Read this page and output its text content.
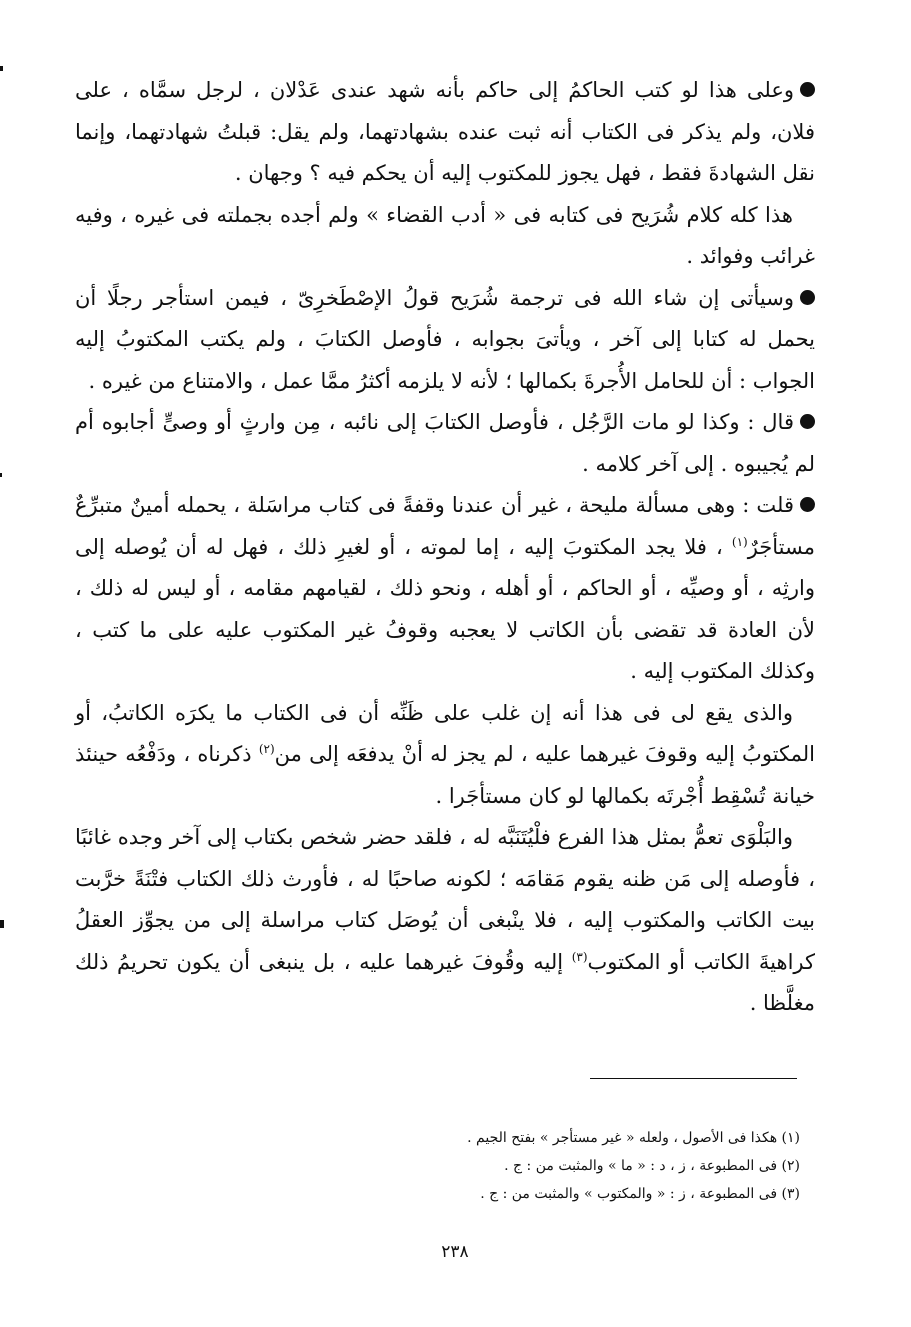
وعلى هذا لو كتب الحاكمُ إلى حاكم بأنه شهد عندى عَدْلان ، لرجل سمَّاه ، على فلان، ولم يذكر فى الكتاب أنه ثبت عنده بشهادتهما، ولم يقل: قبلتُ شهادتهما، وإنما نقل الشهادةَ فقط ، فهل يجوز للمكتوب إليه أن يحكم فيه ؟ وجهان .

هذا كله كلام شُرَيح فى كتابه فى « أدب القضاء » ولم أجده بجملته فى غيره ، وفيه غرائب وفوائد .

وسيأتى إن شاء الله فى ترجمة شُرَيح قولُ الإصْطَخرِىّ ، فيمن استأجر رجلًا أن يحمل له كتابا إلى آخر ، ويأتىَ بجوابه ، فأوصل الكتابَ ، ولم يكتب المكتوبُ إليه الجواب : أن للحامل الأُجرةَ بكمالها ؛ لأنه لا يلزمه أكثرُ ممَّا عمل ، والامتناع من غيره .

قال : وكذا لو مات الرَّجُل ، فأوصل الكتابَ إلى نائبه ، مِن وارثٍ أو وصىٍّ أجابوه أم لم يُجيبوه . إلى آخر كلامه .

قلت : وهى مسألة مليحة ، غير أن عندنا وقفةً فى كتاب مراسَلة ، يحمله أمينٌ متبرِّعٌ مستأجَرٌ$^{(١)}$ ، فلا يجد المكتوبَ إليه ، إما لموته ، أو لغيرِ ذلك ، فهل له أن يُوصله إلى وارثِه ، أو وصيِّه ، أو الحاكم ، أو أهله ، ونحو ذلك ، لقيامهم مقامه ، أو ليس له ذلك ، لأن العادة قد تقضى بأن الكاتب لا يعجبه وقوفُ غير المكتوب عليه على ما كتب ، وكذلك المكتوب إليه .

والذى يقع لى فى هذا أنه إن غلب على ظَنِّه أن فى الكتاب ما يكرَه الكاتبُ، أو المكتوبُ إليه وقوفَ غيرهما عليه ، لم يجز له أنْ يدفعَه إلى من$^{(٢)}$ ذكرناه ، ودَفْعُه حينئذ خيانة تُسْقِط أُجْرتَه بكمالها لو كان مستأجَرا .

والبَلْوَى تعمُّ بمثل هذا الفرع فلْيُتَنَبَّه له ، فلقد حضر شخص بكتاب إلى آخر وجده غائبًا ، فأوصله إلى مَن ظنه يقوم مَقامَه ؛ لكونه صاحبًا له ، فأورث ذلك الكتاب فتْنَةً خرَّبت بيت الكاتب والمكتوب إليه ، فلا ينْبغى أن يُوصَل كتاب مراسلة إلى من يجوِّز العقلُ كراهيةَ الكاتب أو المكتوب$^{(٣)}$ إليه وقُوفَ غيرهما عليه ، بل ينبغى أن يكون تحريمُ ذلك مغلَّظا .

(١) هكذا فى الأصول ، ولعله « غير مستأجر » بفتح الجيم .

(٢) فى المطبوعة ، ز ، د : « ما » والمثبت من : ج .

(٣) فى المطبوعة ، ز : « والمكتوب » والمثبت من : ج .

٢٣٨
